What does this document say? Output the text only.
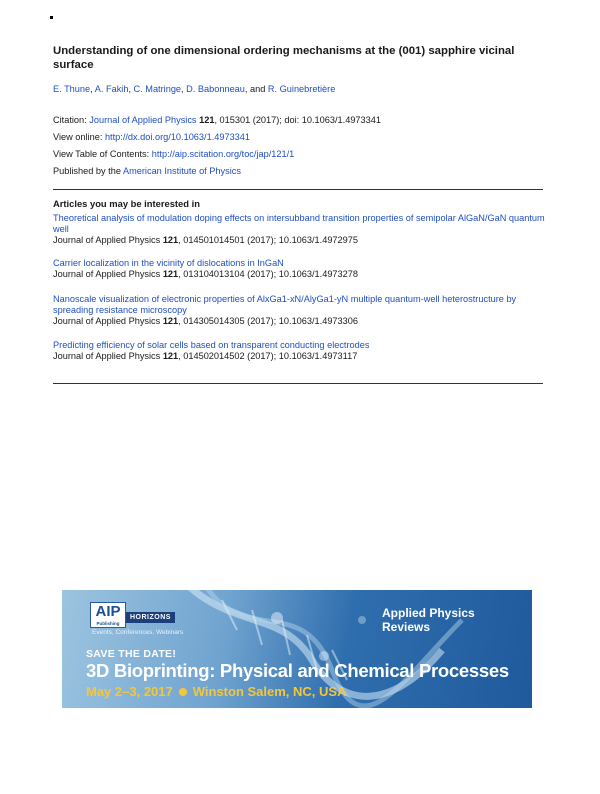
Understanding of one dimensional ordering mechanisms at the (001) sapphire vicinal surface
E. Thune, A. Fakih, C. Matringe, D. Babonneau, and R. Guinebretière
Citation: Journal of Applied Physics 121, 015301 (2017); doi: 10.1063/1.4973341
View online: http://dx.doi.org/10.1063/1.4973341
View Table of Contents: http://aip.scitation.org/toc/jap/121/1
Published by the American Institute of Physics
Articles you may be interested in
Theoretical analysis of modulation doping effects on intersubband transition properties of semipolar AlGaN/GaN quantum well
Journal of Applied Physics 121, 014501014501 (2017); 10.1063/1.4972975
Carrier localization in the vicinity of dislocations in InGaN
Journal of Applied Physics 121, 013104013104 (2017); 10.1063/1.4973278
Nanoscale visualization of electronic properties of AlxGa1-xN/AlyGa1-yN multiple quantum-well heterostructure by spreading resistance microscopy
Journal of Applied Physics 121, 014305014305 (2017); 10.1063/1.4973306
Predicting efficiency of solar cells based on transparent conducting electrodes
Journal of Applied Physics 121, 014502014502 (2017); 10.1063/1.4973117
AIP
Publishing
HORIZONS
Events, Conferences, Webinars
Applied Physics
Reviews
SAVE THE DATE!
3D Bioprinting: Physical and Chemical Processes
May 2–3, 2017 Winston Salem, NC, USA
